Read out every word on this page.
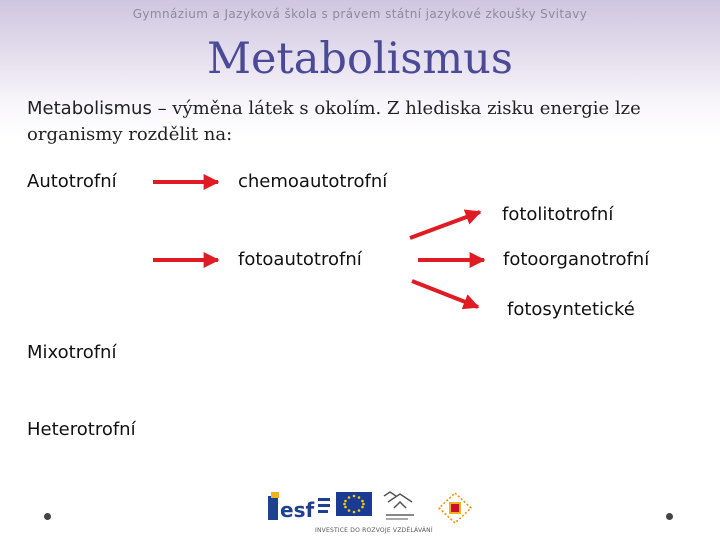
Gymnázium a Jazyková škola s právem státní jazykové zkoušky Svitavy
Metabolismus
Metabolismus – výměna látek s okolím. Z hlediska zisku energie lze organismy rozdělit na:
Autotrofní	chemoautotrofní
fotolitotrofní
fotoautotrofní	fotoorganotrofní
fotosyntetické
Mixotrofní
Heterotrofní
esf
INVESTICE DO ROZVOJE VZDĚLÁVÁNÍ
